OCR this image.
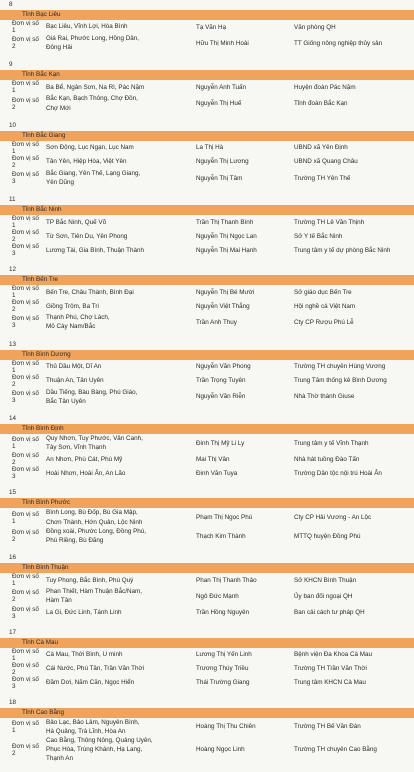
8
Tỉnh Bạc Liêu
Đơn vị số 1
Bạc Liêu, Vĩnh Lợi, Hòa Bình	Tạ Văn Hạ	Văn phòng QH
Đơn vị số 2
Giá Rai, Phước Long, Hồng Dân,
Đông Hải
Hữu Thị Minh Hoài	TT Giống nông nghiệp thủy sản
9
Tỉnh Bắc Kạn
Đơn vị số 1
Ba Bể, Ngân Sơn, Na Rì, Pác Nặm	Nguyễn Anh Tuấn	Huyện đoàn Pác Nặm
Đơn vị số 2
Bắc Kạn, Bạch Thông, Chợ Đồn,
Chợ Mới
Nguyễn Thị Huế	Tỉnh đoàn Bắc Kạn
10
Tỉnh Bắc Giang
Đơn vị số 1
Sơn Động, Lục Ngạn, Lục Nam	La Thị Hà	UBND xã Yên Định
Đơn vị số 2
Tân Yên, Hiệp Hòa, Việt Yên	Nguyễn Thị Lương	UBND xã Quang Châu
Đơn vị số 3
Bắc Giang, Yên Thế, Lạng Giang,
Yên Dũng
Nguyễn Thị Tâm	Trường TH Yên Thế
11
Tỉnh Bắc Ninh
Đơn vị số 1
TP Bắc Ninh, Quế Võ	Trần Thị Thanh Bình	Trường TH Lê Văn Thịnh
Đơn vị số 2
Từ Sơn, Tiên Du, Yên Phong	Nguyễn Thị Ngọc Lan	Sở Y tế Bắc Ninh
Đơn vị số 3
Lương Tài, Gia Bình, Thuận Thành	Nguyễn Thị Mai Hạnh	Trung tâm y tế dự phòng Bắc Ninh
12
Tỉnh Bến Tre
Đơn vị số 1
Bến Tre, Châu Thành, Bình Đại	Nguyễn Thị Bé Mười	Sở giáo dục Bến Tre
Đơn vị số 2
Giồng Trôm, Ba Tri	Nguyễn Việt Thắng	Hội nghề cá Việt Nam
Đơn vị số 3
Thạnh Phú, Chợ Lách,
Mỏ Cày Nam/Bắc
Trần Anh Thuy	Cty CP Rượu Phú Lễ
13
Tỉnh Bình Dương
Đơn vị số 1
Thủ Dầu Một, Dĩ An	Nguyễn Văn Phong	Trường TH chuyên Hùng Vương
Đơn vị số 2
Thuận An, Tân Uyên	Trần Trọng Tuyên	Trung Tâm thống kê Bình Dương
Đơn vị số 3
Dầu Tiếng, Bàu Bàng, Phú Giáo,
Bắc Tân Uyên
Nguyễn Văn Riễn	Nhà Thờ thánh Giuse
14
Tỉnh Bình Định
Đơn vị số 1
Quy Nhơn, Tuy Phước, Vân Canh,
Tây Sơn, Vĩnh Thạnh
Đinh Thị Mỹ Li Ly	Trung tâm y tế Vĩnh Thạnh
Đơn vị số 2
An Nhơn, Phù Cát, Phù Mỹ	Mai Thị Vân	Nhà hát tuồng Đào Tấn
Đơn vị số 3
Hoài Nhơn, Hoài Ân, An Lão	Đinh Văn Tuya	Trường Dân tộc nội trú Hoài Ân
15
Tỉnh Bình Phước
Đơn vị số 1
Bình Long, Bù Đốp, Bù Gia Mập,
Chơn Thành, Hớn Quản, Lộc Ninh
Phạm Thị Ngọc Phú	Cty CP Hải Vương - An Lộc
Đơn vị số 2
Đồng xoài, Phước Long, Đồng Phú,
Phú Riềng, Bù Đăng
Thạch Kim Thành	MTTQ huyện Đồng Phú
16
Tỉnh Bình Thuận
Đơn vị số 1
Tuy Phong, Bắc Bình, Phú Quý	Phan Thị Thanh Thảo	Sở KHCN Bình Thuận
Đơn vị số 2
Phan Thiết, Hàm Thuận Bắc/Nam,
Hàm Tân
Ngô Đức Mạnh	Ủy ban đối ngoại QH
Đơn vị số 3
La Gi, Đức Linh, Tánh Linh	Trần Hồng Nguyên	Ban cải cách tư pháp QH
17
Tỉnh Cà Mau
Đơn vị số 1
Cà Mau, Thới Bình, U minh	Lương Thị Yến Linh	Bệnh viện Đa Khoa Cà Mau
Đơn vị số 2
Cái Nước, Phú Tân, Trần Văn Thời	Trương Thúy Triều	Trường TH Trần Văn Thời
Đơn vị số 3
Đầm Dơi, Năm Căn, Ngọc Hiển	Thái Trường Giang	Trung tâm KHCN Cà Mau
18
Tỉnh Cao Bằng
Đơn vị số 1
Bảo Lạc, Bảo Lâm, Nguyên Bình,
Hà Quảng, Trà Lĩnh, Hòa An
Hoàng Thị Thu Chiên	Trường TH Bế Văn Đàn
Đơn vị số 2
Cao Bằng, Thông Nông, Quảng Uyên,
Phục Hòa, Trùng Khánh, Hạ Lang,
Thạnh An
Hoàng Ngọc Linh	Trường TH chuyên Cao Bằng
